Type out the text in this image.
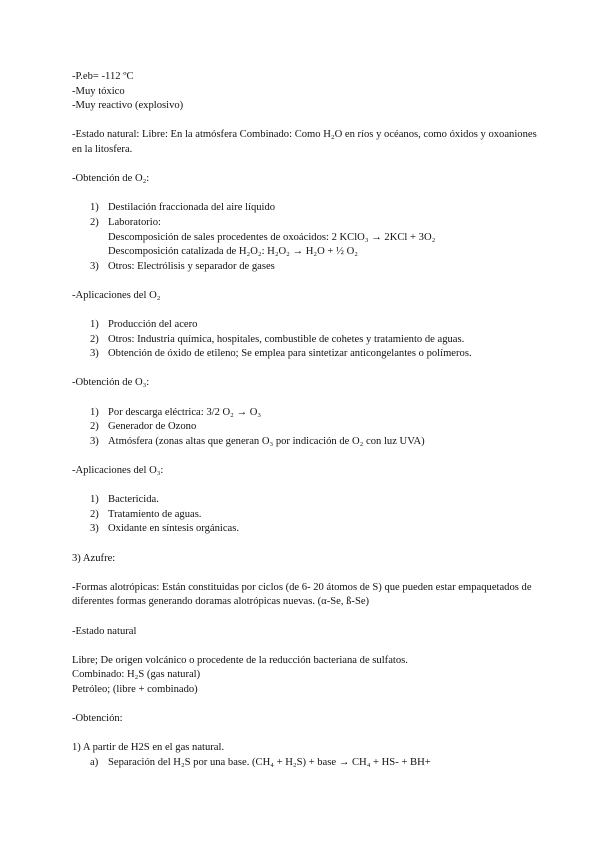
-P.eb= -112 ºC
-Muy tóxico
-Muy reactivo (explosivo)
-Estado natural: Libre: En la atmósfera Combinado: Como H₂O en ríos y océanos, como óxidos y oxoaniones en la litosfera.
-Obtención de O₂:
1) Destilación fraccionada del aire líquido
2) Laboratorio:
Descomposición de sales procedentes de oxoácidos: 2 KClO₃ → 2KCl + 3O₂
Descomposición catalizada de H₂O₂: H₂O₂ → H₂O + ½ O₂
3) Otros: Electrólisis y separador de gases
-Aplicaciones del O₂
1) Producción del acero
2) Otros: Industria química, hospitales, combustible de cohetes y tratamiento de aguas.
3) Obtención de óxido de etileno; Se emplea para sintetizar anticongelantes o polímeros.
-Obtención de O₃:
1) Por descarga eléctrica: 3/2 O₂ → O₃
2) Generador de Ozono
3) Atmósfera (zonas altas que generan O₃ por indicación de O₂ con luz UVA)
-Aplicaciones del O₃:
1) Bactericida.
2) Tratamiento de aguas.
3) Oxidante en síntesis orgánicas.
3) Azufre:
-Formas alotrópicas: Están constituidas por ciclos (de 6- 20 átomos de S) que pueden estar empaquetados de diferentes formas generando doramas alotrópicas nuevas. (α-Se, ß-Se)
-Estado natural
Libre; De origen volcánico o procedente de la reducción bacteriana de sulfatos.
Combinado: H₂S (gas natural)
Petróleo; (libre + combinado)
-Obtención:
1) A partir de H2S en el gas natural.
a) Separación del H₂S por una base. (CH₄ + H₂S) + base → CH₄ + HS- + BH+
